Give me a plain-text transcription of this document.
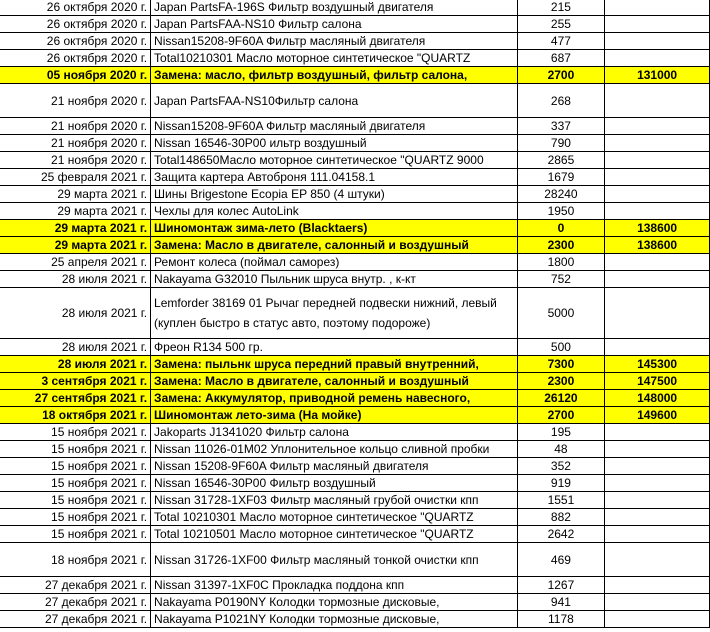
26 октября 2020 г.	Japan PartsFA-196S Фильтр воздушный двигателя	215		
26 октября 2020 г.	Japan PartsFAA-NS10 Фильтр салона	255		
26 октября 2020 г.	Nissan15208-9F60A Фильтр масляный двигателя	477		
26 октября 2020 г.	Total10210301 Масло моторное синтетическое "QUARTZ	687		
05 ноября 2020 г.	Замена: масло, фильтр воздушный, фильтр салона,	2700	131000	
21 ноября 2020 г.	Japan PartsFAA-NS10Фильтр салона	268		
21 ноября 2020 г.	Nissan15208-9F60A Фильтр масляный двигателя	337		
21 ноября 2020 г.	Nissan 16546-30P00 ильтр воздушный	790		
21 ноября 2020 г.	Total148650Масло моторное синтетическое "QUARTZ 9000	2865		
25 февраля 2021 г.	Защита картера Автоброня 111.04158.1	1679		
29 марта 2021 г.	Шины Brigestone Ecopia EP 850 (4 штуки)	28240		
29 марта 2021 г.	Чехлы для колес AutoLink	1950		
29 марта 2021 г.	Шиномонтаж зима-лето (Blacktaers)	0	138600	
29 марта 2021 г.	Замена: Масло в двигателе, салонный и воздушный	2300	138600	
25 апреля 2021 г.	Ремонт колеса (поймал саморез)	1800		
28 июля 2021 г.	Nakayama G32010 Пыльник шруса внутр. , к-кт	752		
28 июля 2021 г.	Lemforder 38169 01 Рычаг передней подвески нижний, левый (куплен быстро в статус авто, поэтому подороже)	5000		
28 июля 2021 г.	Фреон R134 500 гр.	500		
28 июля 2021 г.	Замена: пыльнк шруса передний правый внутренний,	7300	145300	
3 сентября 2021 г.	Замена: Масло в двигателе, салонный и воздушный	2300	147500	
27 сентября 2021 г.	Замена: Аккумулятор, приводной ремень навесного,	26120	148000	
18 октября 2021 г.	Шиномонтаж лето-зима (На мойке)	2700	149600	
15 ноября 2021 г.	Jakoparts J1341020 Фильтр салона	195		
15 ноября 2021 г.	Nissan 11026-01M02 Уплонительное кольцо сливной пробки	48		
15 ноября 2021 г.	Nissan 15208-9F60A Фильтр масляный двигателя	352		
15 ноября 2021 г.	Nissan 16546-30P00 Фильтр воздушный	919		
15 ноября 2021 г.	Nissan 31728-1XF03 Фильтр масляный грубой очистки кпп	1551		
15 ноября 2021 г.	Total 10210301 Масло моторное синтетическое "QUARTZ	882		
15 ноября 2021 г.	Total 10210501 Масло моторное синтетическое "QUARTZ	2642		
18 ноября 2021 г.	Nissan 31726-1XF00 Фильтр масляный тонкой очистки кпп	469		
27 декабря 2021 г.	Nissan 31397-1XF0C Прокладка поддона кпп	1267		
27 декабря 2021 г.	Nakayama P0190NY Колодки тормозные дисковые,	941		
27 декабря 2021 г.	Nakayama P1021NY Колодки тормозные дисковые,	1178		
